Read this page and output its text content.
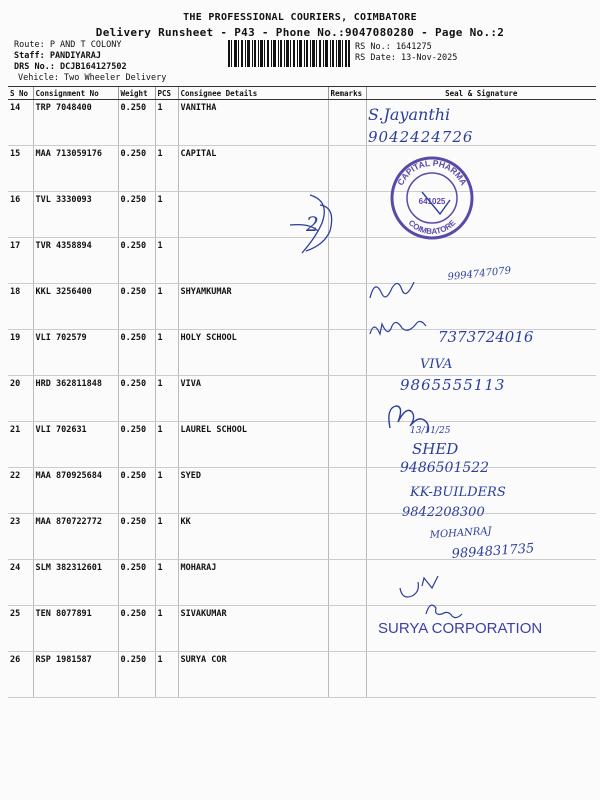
THE PROFESSIONAL COURIERS, COIMBATORE
Delivery Runsheet - P43 - Phone No.:9047080280 - Page No.:2
Route: P AND T COLONY
Staff: PANDIYARAJ
DRS No.: DCJB164127502
Vehicle: Two Wheeler Delivery
RS No.: 1641275
RS Date: 13-Nov-2025
S No	Consignment No	Weight	PCS	Consignee Details	Remarks	Seal & Signature
14	TRP 7048400	0.250	1	VANITHA		
15	MAA 713059176	0.250	1	CAPITAL		
16	TVL 3330093	0.250	1			
17	TVR 4358894	0.250	1			
18	KKL 3256400	0.250	1	SHYAMKUMAR		
19	VLI 702579	0.250	1	HOLY SCHOOL		
20	HRD 362811848	0.250	1	VIVA		
21	VLI 702631	0.250	1	LAUREL SCHOOL		
22	MAA 870925684	0.250	1	SYED		
23	MAA 870722772	0.250	1	KK		
24	SLM 382312601	0.250	1	MOHARAJ		
25	TEN 8077891	0.250	1	SIVAKUMAR		
26	RSP 1981587	0.250	1	SURYA COR		
S.Jayanthi
9042424726
9994747079
7373724016
VIVA
9865555113
13/11/25
SHED
9486501522
KK-BUILDERS
9842208300
MOHANRAJ
9894831735
SURYA CORPORATION
CAPITAL PHARMA
COIMBATORE
641025
2
